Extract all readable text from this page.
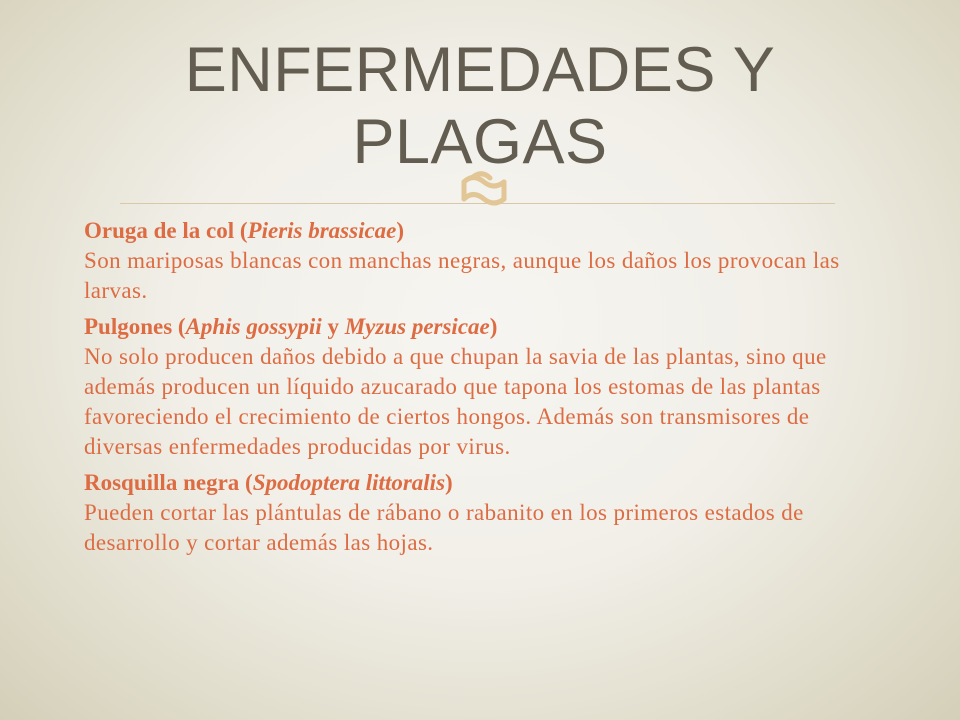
ENFERMEDADES Y
PLAGAS
Oruga de la col (Pieris brassicae)
Son mariposas blancas con manchas negras, aunque los daños los provocan las larvas.
Pulgones (Aphis gossypii y Myzus persicae)
No solo producen daños debido a que chupan la savia de las plantas, sino que además producen un líquido azucarado que tapona los estomas de las plantas favoreciendo el crecimiento de ciertos hongos. Además son transmisores de diversas enfermedades producidas por virus.
Rosquilla negra (Spodoptera littoralis)
Pueden cortar las plántulas de rábano o rabanito en los primeros estados de desarrollo y cortar además las hojas.
